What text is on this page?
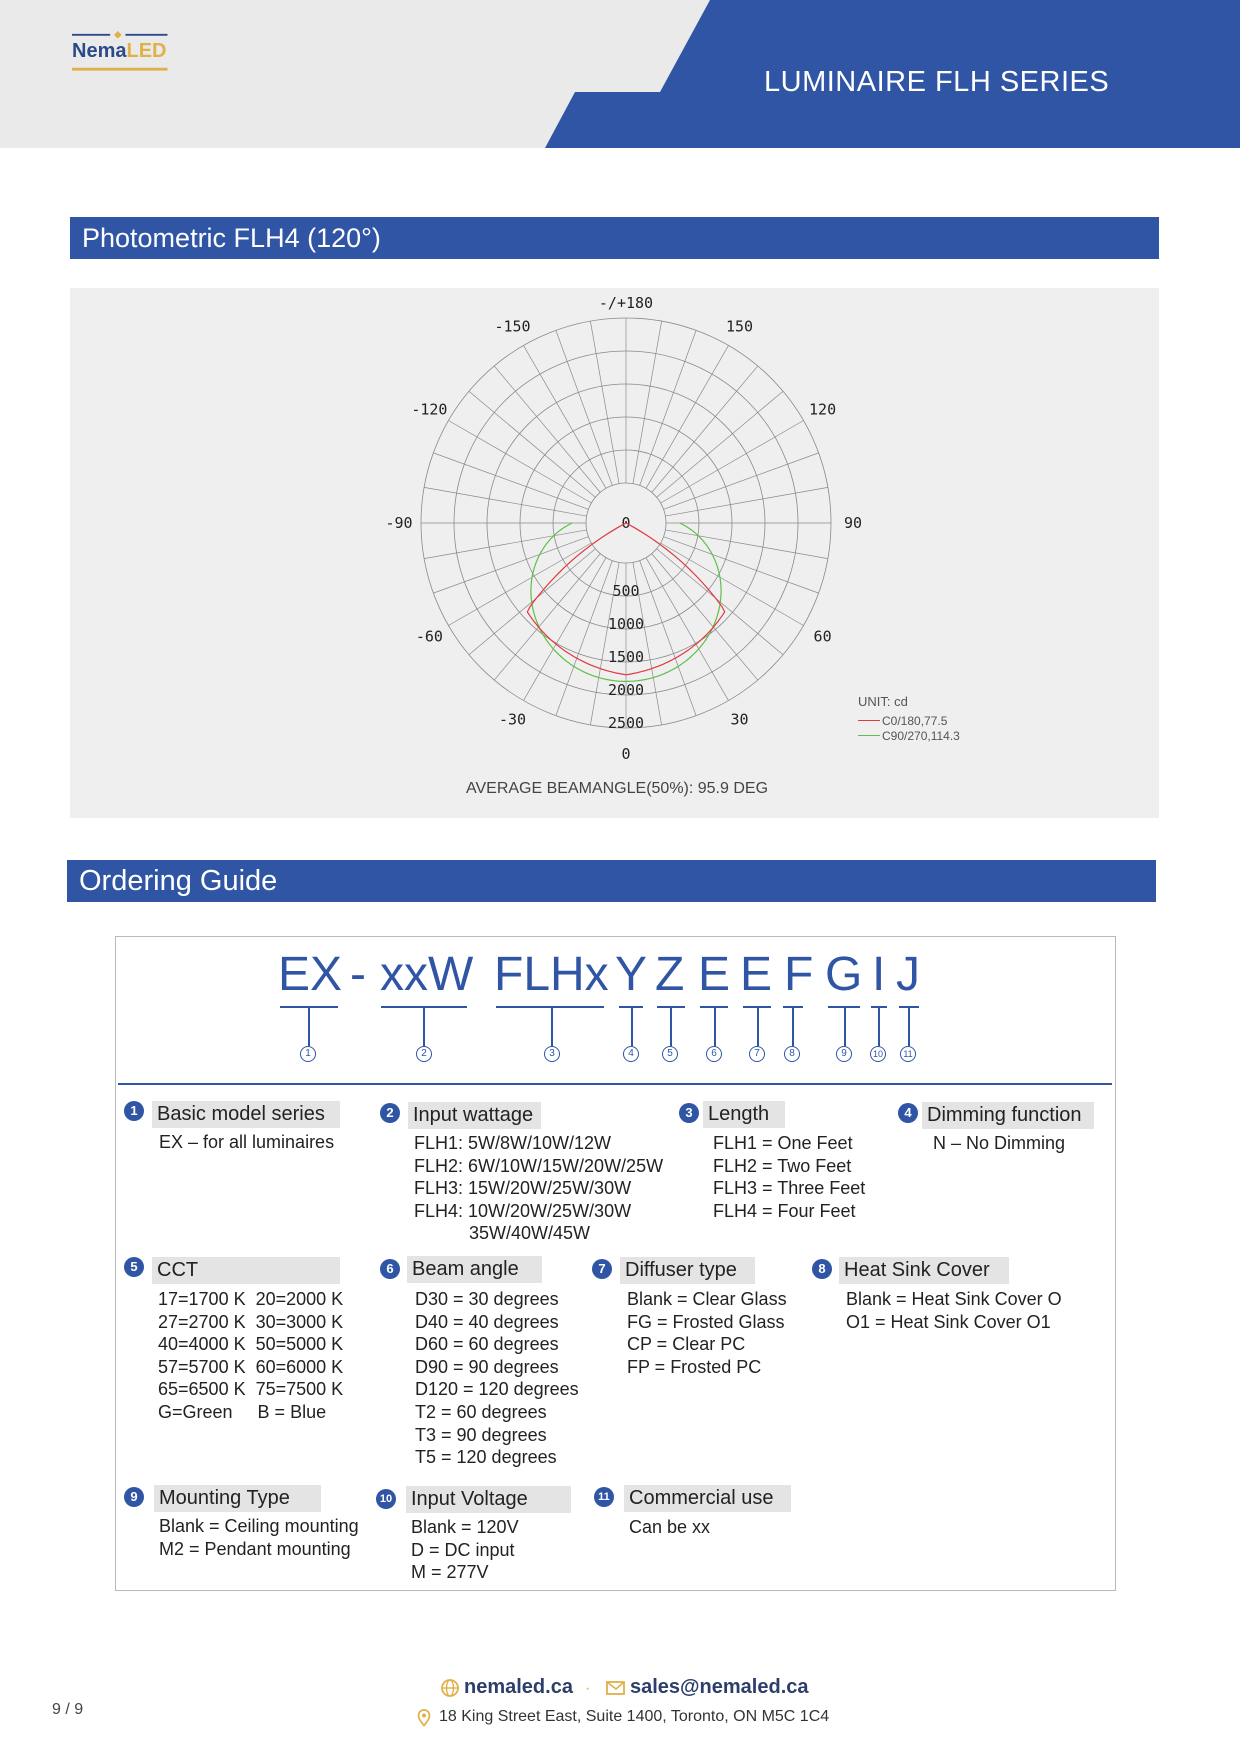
NemaLED
LUMINAIRE FLH SERIES
Photometric FLH4 (120°)
-/+180
150
120
90
60
30
-30
-60
-90
-120
-150
0
500
1000
1500
2000
2500
0
UNIT: cd
C0/180,77.5
C90/270,114.3
AVERAGE BEAMANGLE(50%): 95.9 DEG
Ordering Guide
EX - xxW FLHx Y Z E E F G I J
1	2	3	4	5	6	7	8	9	10	11
1 Basic model series
EX – for all luminaires
2 Input wattage
FLH1: 5W/8W/10W/12W
FLH2: 6W/10W/15W/20W/25W
FLH3: 15W/20W/25W/30W
FLH4: 10W/20W/25W/30W
35W/40W/45W
3 Length
FLH1 = One Feet
FLH2 = Two Feet
FLH3 = Three Feet
FLH4 = Four Feet
4 Dimming function
N – No Dimming
5 CCT
17=1700 K  20=2000 K
27=2700 K  30=3000 K
40=4000 K  50=5000 K
57=5700 K  60=6000 K
65=6500 K  75=7500 K
G=Green     B = Blue
6 Beam angle
D30 = 30 degrees
D40 = 40 degrees
D60 = 60 degrees
D90 = 90 degrees
D120 = 120 degrees
T2 = 60 degrees
T3 = 90 degrees
T5 = 120 degrees
7 Diffuser type
Blank = Clear Glass
FG = Frosted Glass
CP = Clear PC
FP = Frosted PC
8 Heat Sink Cover
Blank = Heat Sink Cover O
O1 = Heat Sink Cover O1
9	Mounting Type
Blank = Ceiling mounting
M2 = Pendant mounting
10 Input Voltage
Blank = 120V
D = DC input
M = 277V
11 Commercial use
Can be xx
9 / 9
nemaled.ca · sales@nemaled.ca
18 King Street East, Suite 1400, Toronto, ON M5C 1C4
